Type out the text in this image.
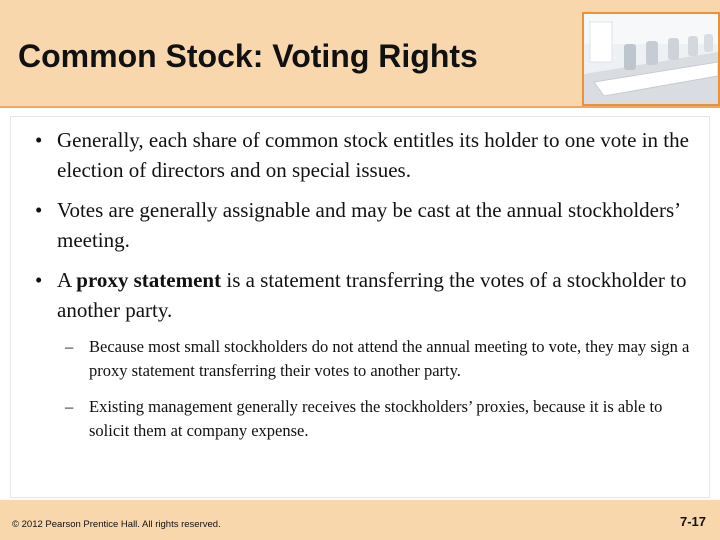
Common Stock: Voting Rights
• Generally, each share of common stock entitles its holder to one vote in the election of directors and on special issues.
• Votes are generally assignable and may be cast at the annual stockholders’ meeting.
• A proxy statement is a statement transferring the votes of a stockholder to another party.
– Because most small stockholders do not attend the annual meeting to vote, they may sign a proxy statement transferring their votes to another party.
– Existing management generally receives the stockholders’ proxies, because it is able to solicit them at company expense.
© 2012 Pearson Prentice Hall. All rights reserved.	7-17
